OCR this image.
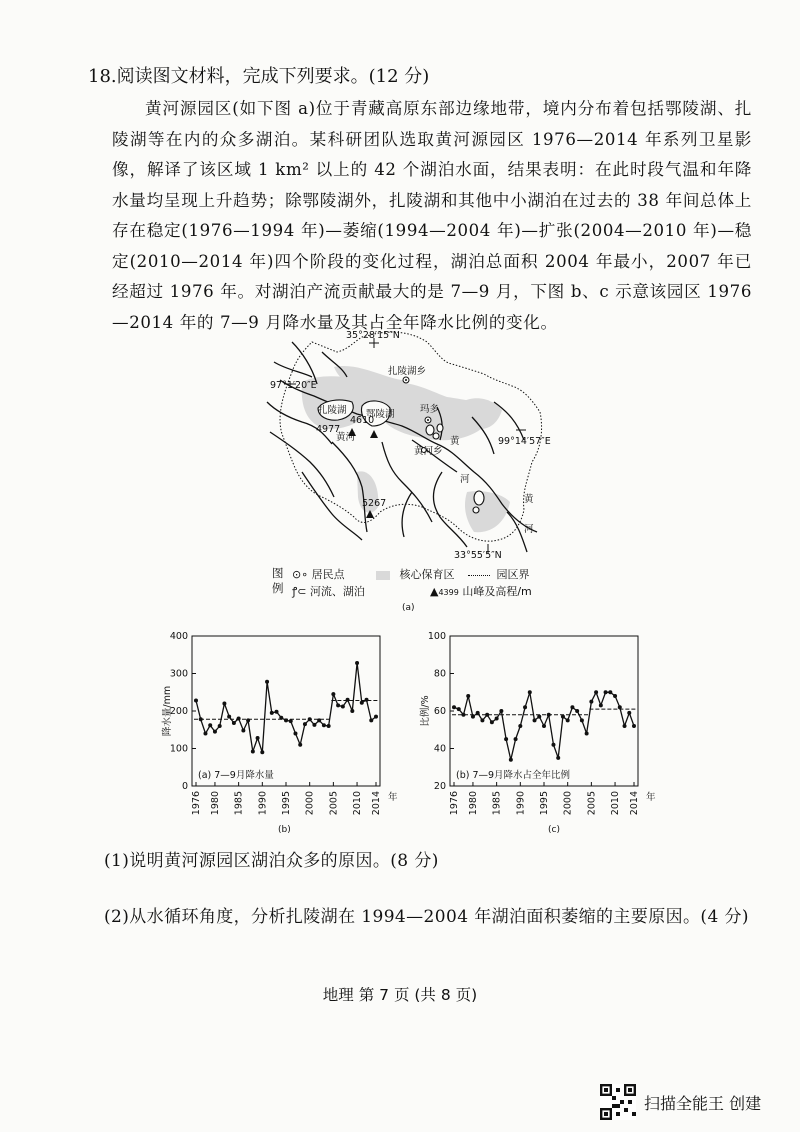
18.阅读图文材料，完成下列要求。(12 分)
黄河源园区(如下图 a)位于青藏高原东部边缘地带，境内分布着包括鄂陵湖、扎陵湖等在内的众多湖泊。某科研团队选取黄河源园区 1976—2014 年系列卫星影像，解译了该区域 1 km² 以上的 42 个湖泊水面，结果表明：在此时段气温和年降水量均呈现上升趋势；除鄂陵湖外，扎陵湖和其他中小湖泊在过去的 38 年间总体上存在稳定(1976—1994 年)—萎缩(1994—2004 年)—扩张(2004—2010 年)—稳定(2010—2014 年)四个阶段的变化过程，湖泊总面积 2004 年最小，2007 年已经超过 1976 年。对湖泊产流贡献最大的是 7—9 月，下图 b、c 示意该园区 1976—2014 年的 7—9 月降水量及其占全年降水比例的变化。
35°28′15″N
97°1′20″E
99°14′57″E
33°55′5″N
扎陵湖乡
扎陵湖 鄂陵湖
4610
4977
5267
黄河
玛多
黄河乡
黄
河
黄
河
图例
⊙∘ 居民点	核心保育区	园区界
ꝭ⊂ 河流、湖泊	▲4399 山峰及高程/m
(a)
0
100
200
300
400
1976 1980 1985 1990 1995 2000 2005 2010 2014
降水量/mm
年
(a) 7—9月降水量
20
40
60
80
100
1976 1980 1985 1990 1995 2000 2005 2010 2014
比例/%
年
(b) 7—9月降水占全年比例
(b)	(c)
(1)说明黄河源园区湖泊众多的原因。(8 分)
(2)从水循环角度，分析扎陵湖在 1994—2004 年湖泊面积萎缩的主要原因。(4 分)
地理 第 7 页 (共 8 页)
扫描全能王 创建
